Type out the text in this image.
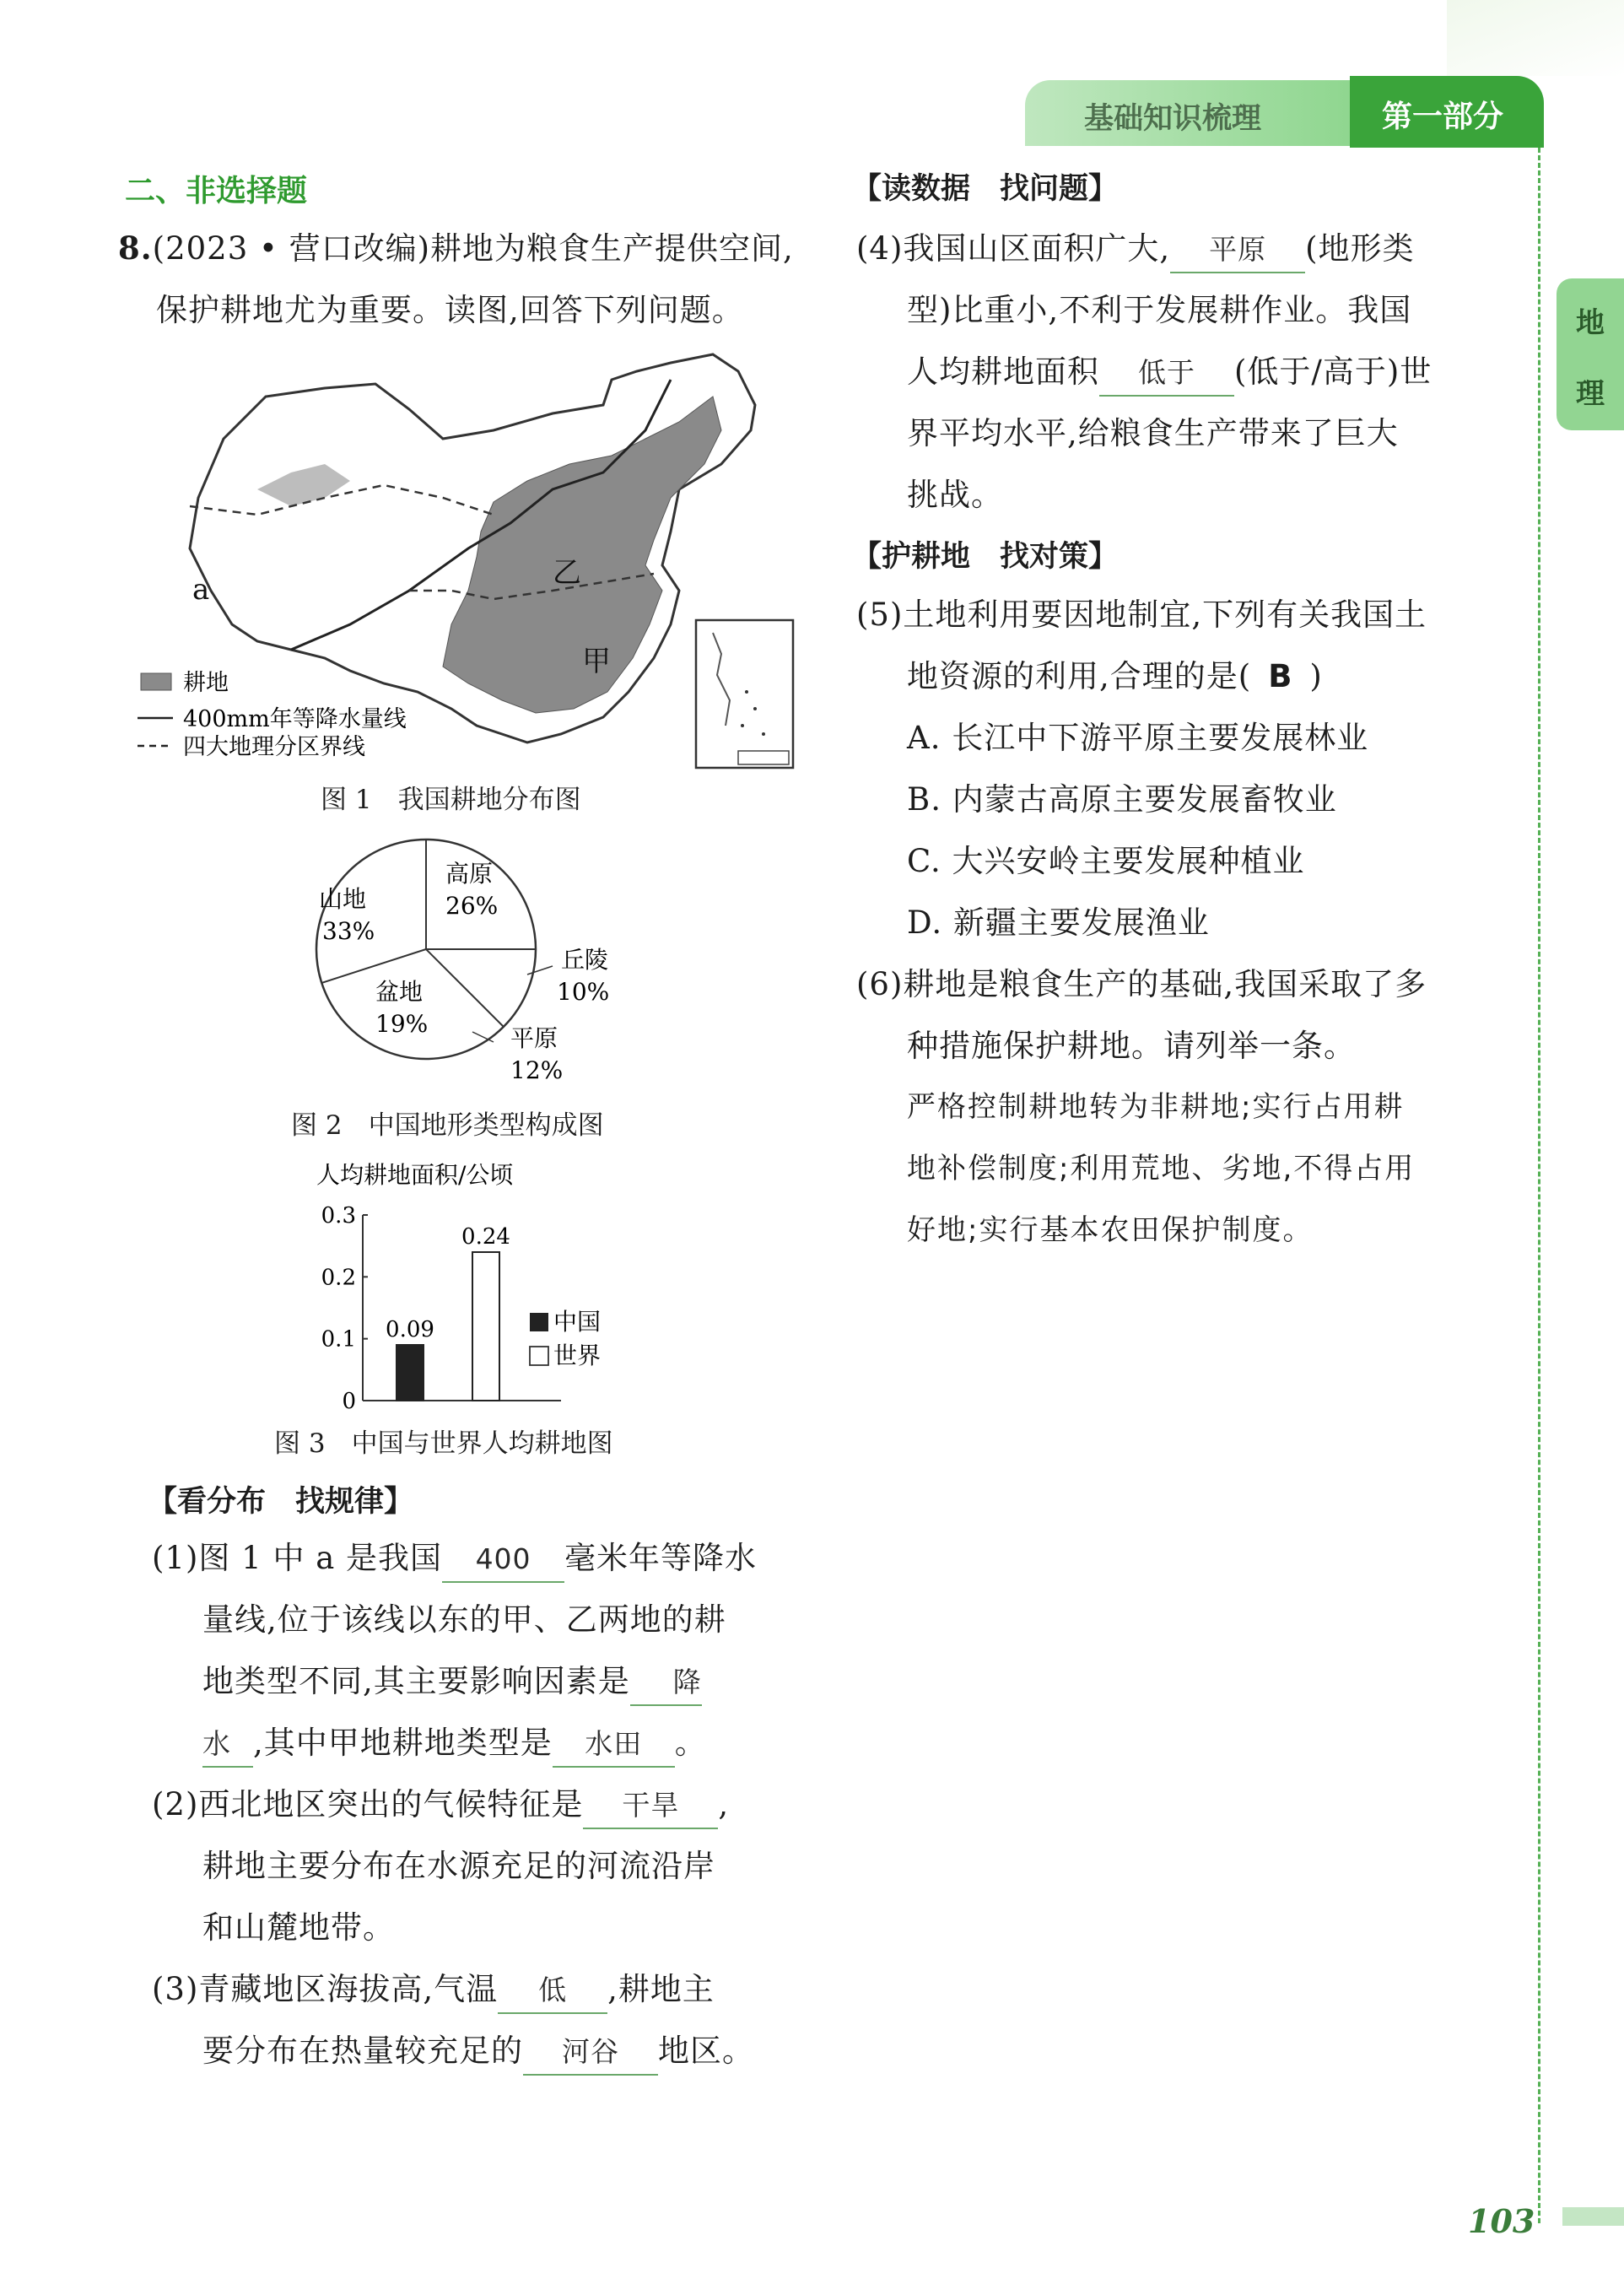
基础知识梳理	第一部分
地
理
二、非选择题
8.(2023 • 营口改编)耕地为粮食生产提供空间,
保护耕地尤为重要。读图,回答下列问题。
a	乙
甲
耕地
400mm年等降水量线
四大地理分区界线
图 1　我国耕地分布图
山地
33%
高原
26%
丘陵
10%
平原
12%
盆地
19%
图 2　中国地形类型构成图
人均耕地面积/公顷
0.3
0.2
0.1
0
0.09
0.24
中国
世界
图 3　中国与世界人均耕地图
【看分布　找规律】
(1)图 1 中 a 是我国 400 毫米年等降水
量线,位于该线以东的甲、乙两地的耕
地类型不同,其主要影响因素是 降
水 ,其中甲地耕地类型是 水田 。
(2)西北地区突出的气候特征是 干旱 ,
耕地主要分布在水源充足的河流沿岸
和山麓地带。
(3)青藏地区海拔高,气温 低 ,耕地主
要分布在热量较充足的 河谷 地区。
【读数据　找问题】
(4)我国山区面积广大, 平原 (地形类
型)比重小,不利于发展耕作业。我国
人均耕地面积 低于 (低于/高于)世
界平均水平,给粮食生产带来了巨大
挑战。
【护耕地　找对策】
(5)土地利用要因地制宜,下列有关我国土
地资源的利用,合理的是( B )
A. 长江中下游平原主要发展林业
B. 内蒙古高原主要发展畜牧业
C. 大兴安岭主要发展种植业
D. 新疆主要发展渔业
(6)耕地是粮食生产的基础,我国采取了多
种措施保护耕地。请列举一条。
严格控制耕地转为非耕地;实行占用耕
地补偿制度;利用荒地、劣地,不得占用
好地;实行基本农田保护制度。
103
